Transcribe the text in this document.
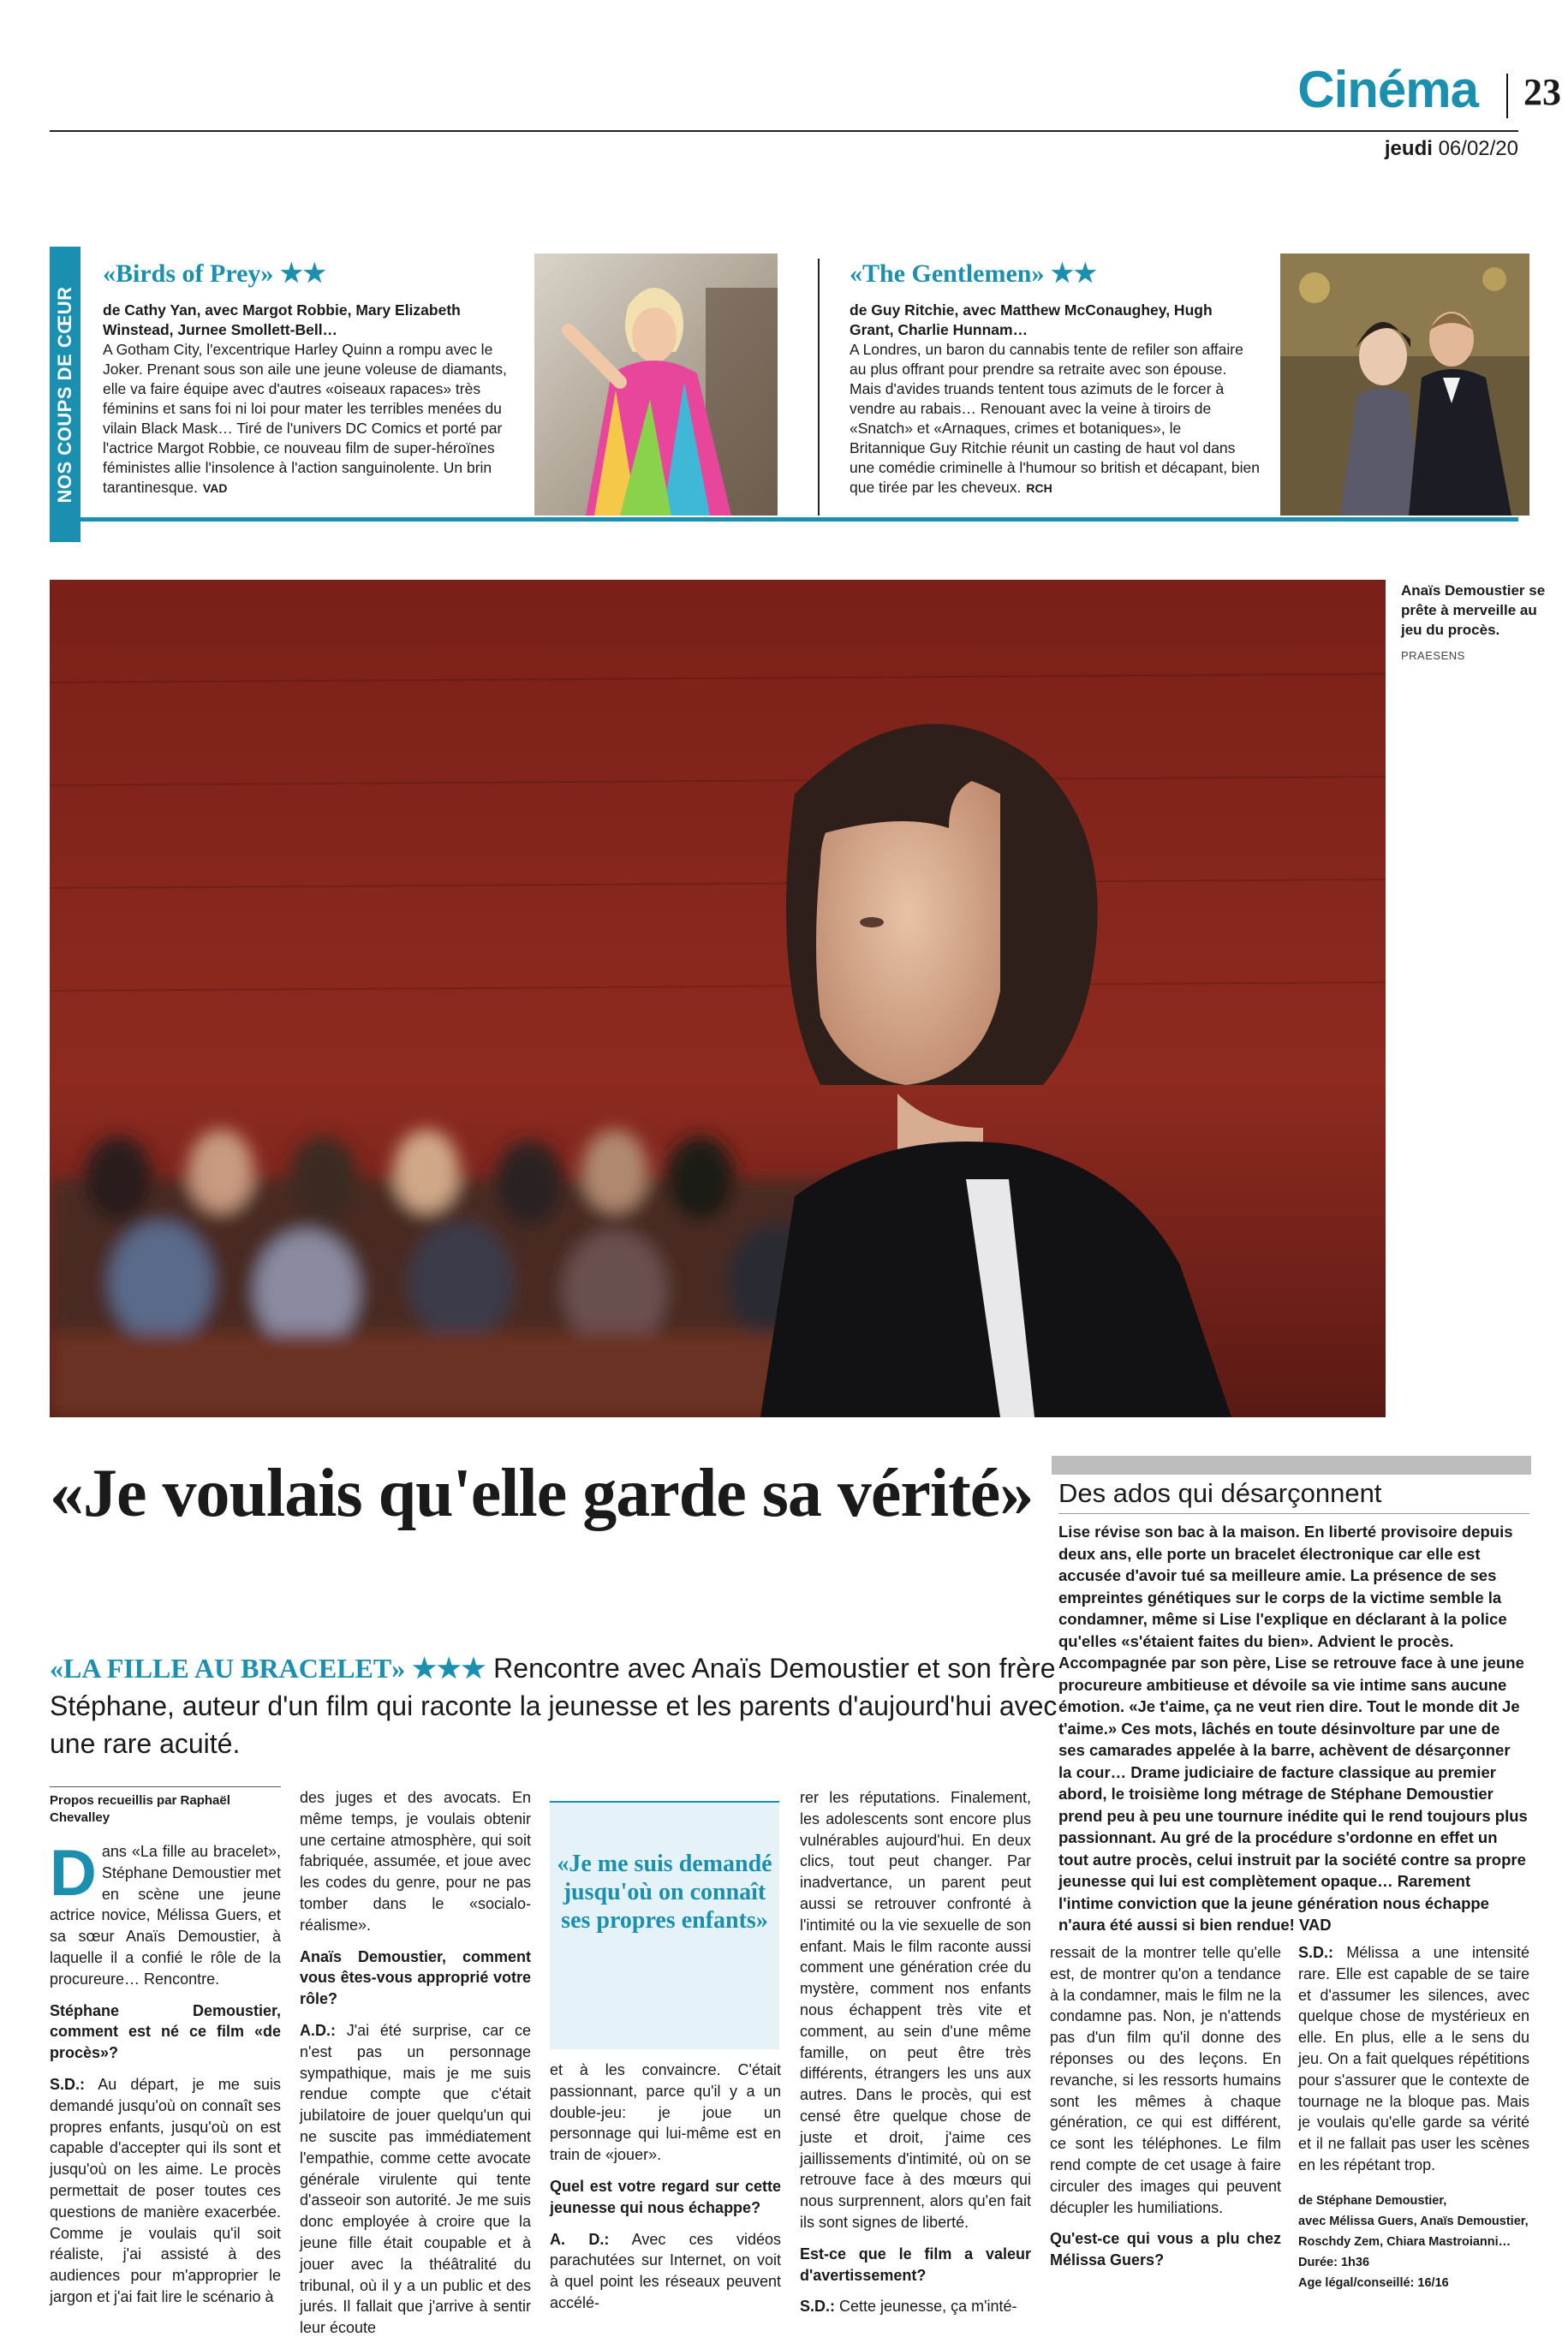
Cinéma 23
jeudi 06/02/20
NOS COUPS DE CŒUR
«Birds of Prey» ★★
de Cathy Yan, avec Margot Robbie, Mary Elizabeth Winstead, Jurnee Smollett-Bell…
A Gotham City, l'excentrique Harley Quinn a rompu avec le Joker. Prenant sous son aile une jeune voleuse de diamants, elle va faire équipe avec d'autres «oiseaux rapaces» très féminins et sans foi ni loi pour mater les terribles menées du vilain Black Mask… Tiré de l'univers DC Comics et porté par l'actrice Margot Robbie, ce nouveau film de super-héroïnes féministes allie l'insolence à l'action sanguinolente. Un brin tarantinesque. VAD
«The Gentlemen» ★★
de Guy Ritchie, avec Matthew McConaughey, Hugh Grant, Charlie Hunnam…
A Londres, un baron du cannabis tente de refiler son affaire au plus offrant pour prendre sa retraite avec son épouse. Mais d'avides truands tentent tous azimuts de le forcer à vendre au rabais… Renouant avec la veine à tiroirs de «Snatch» et «Arnaques, crimes et botaniques», le Britannique Guy Ritchie réunit un casting de haut vol dans une comédie criminelle à l'humour so british et décapant, bien que tirée par les cheveux. RCH
Anaïs Demoustier se prête à merveille au jeu du procès.
PRAESENS
«Je voulais qu'elle garde sa vérité»
«LA FILLE AU BRACELET» ★★★ Rencontre avec Anaïs Demoustier et son frère Stéphane, auteur d'un film qui raconte la jeunesse et les parents d'aujourd'hui avec une rare acuité.
Des ados qui désarçonnent
Lise révise son bac à la maison. En liberté provisoire depuis deux ans, elle porte un bracelet électronique car elle est accusée d'avoir tué sa meilleure amie. La présence de ses empreintes génétiques sur le corps de la victime semble la condamner, même si Lise l'explique en déclarant à la police qu'elles «s'étaient faites du bien». Advient le procès. Accompagnée par son père, Lise se retrouve face à une jeune procureure ambitieuse et dévoile sa vie intime sans aucune émotion. «Je t'aime, ça ne veut rien dire. Tout le monde dit Je t'aime.» Ces mots, lâchés en toute désinvolture par une de ses camarades appelée à la barre, achèvent de désarçonner la cour… Drame judiciaire de facture classique au premier abord, le troisième long métrage de Stéphane Demoustier prend peu à peu une tournure inédite qui le rend toujours plus passionnant. Au gré de la procédure s'ordonne en effet un tout autre procès, celui instruit par la société contre sa propre jeunesse qui lui est complètement opaque… Rarement l'intime conviction que la jeune génération nous échappe n'aura été aussi si bien rendue! VAD
Propos recueillis par Raphaël Chevalley

Dans «La fille au bracelet», Stéphane Demoustier met en scène une jeune actrice novice, Mélissa Guers, et sa sœur Anaïs Demoustier, à laquelle il a confié le rôle de la procureure… Rencontre.

Stéphane Demoustier, comment est né ce film «de procès»?

S.D.: Au départ, je me suis demandé jusqu'où on connaît ses propres enfants, jusqu'où on est capable d'accepter qui ils sont et jusqu'où on les aime. Le procès permettait de poser toutes ces questions de manière exacerbée. Comme je voulais qu'il soit réaliste, j'ai assisté à des audiences pour m'approprier le jargon et j'ai fait lire le scénario à

des juges et des avocats. En même temps, je voulais obtenir une certaine atmosphère, qui soit fabriquée, assumée, et joue avec les codes du genre, pour ne pas tomber dans le «socialo-réalisme».

Anaïs Demoustier, comment vous êtes-vous approprié votre rôle?

A.D.: J'ai été surprise, car ce n'est pas un personnage sympathique, mais je me suis rendue compte que c'était jubilatoire de jouer quelqu'un qui ne suscite pas immédiatement l'empathie, comme cette avocate générale virulente qui tente d'asseoir son autorité. Je me suis donc employée à croire que la jeune fille était coupable et à jouer avec la théâtralité du tribunal, où il y a un public et des jurés. Il fallait que j'arrive à sentir leur écoute

«Je me suis demandé jusqu'où on connaît ses propres enfants»

et à les convaincre. C'était passionnant, parce qu'il y a un double-jeu: je joue un personnage qui lui-même est en train de «jouer».

Quel est votre regard sur cette jeunesse qui nous échappe?

A. D.: Avec ces vidéos parachutées sur Internet, on voit à quel point les réseaux peuvent accélé-

rer les réputations. Finalement, les adolescents sont encore plus vulnérables aujourd'hui. En deux clics, tout peut changer. Par inadvertance, un parent peut aussi se retrouver confronté à l'intimité ou la vie sexuelle de son enfant. Mais le film raconte aussi comment une génération crée du mystère, comment nos enfants nous échappent très vite et comment, au sein d'une même famille, on peut être très différents, étrangers les uns aux autres. Dans le procès, qui est censé être quelque chose de juste et droit, j'aime ces jaillissements d'intimité, où on se retrouve face à des mœurs qui nous surprennent, alors qu'en fait ils sont signes de liberté.

Est-ce que le film a valeur d'avertissement?

S.D.: Cette jeunesse, ça m'inté-

ressait de la montrer telle qu'elle est, de montrer qu'on a tendance à la condamner, mais le film ne la condamne pas. Non, je n'attends pas d'un film qu'il donne des réponses ou des leçons. En revanche, si les ressorts humains sont les mêmes à chaque génération, ce qui est différent, ce sont les téléphones. Le film rend compte de cet usage à faire circuler des images qui peuvent décupler les humiliations.

Qu'est-ce qui vous a plu chez Mélissa Guers?

S.D.: Mélissa a une intensité rare. Elle est capable de se taire et d'assumer les silences, avec quelque chose de mystérieux en elle. En plus, elle a le sens du jeu. On a fait quelques répétitions pour s'assurer que le contexte de tournage ne la bloque pas. Mais je voulais qu'elle garde sa vérité et il ne fallait pas user les scènes en les répétant trop.

de Stéphane Demoustier,
avec Mélissa Guers, Anaïs Demoustier,
Roschdy Zem, Chiara Mastroianni…
Durée: 1h36
Age légal/conseillé: 16/16
